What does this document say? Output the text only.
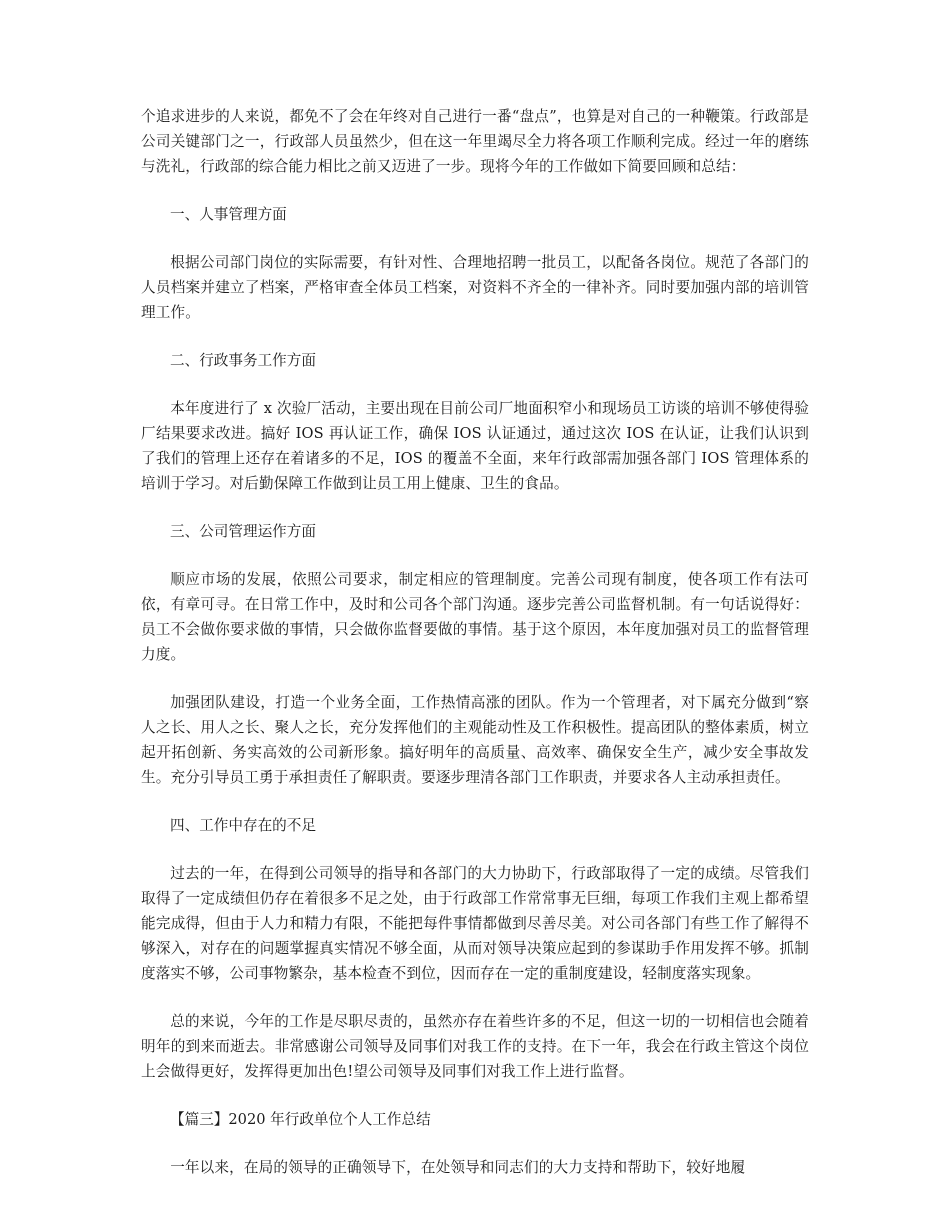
个追求进步的人来说，都免不了会在年终对自己进行一番“盘点”，也算是对自己的一种鞭策。行政部是公司关键部门之一，行政部人员虽然少，但在这一年里竭尽全力将各项工作顺利完成。经过一年的磨练与洗礼，行政部的综合能力相比之前又迈进了一步。现将今年的工作做如下简要回顾和总结：

一、人事管理方面

根据公司部门岗位的实际需要，有针对性、合理地招聘一批员工，以配备各岗位。规范了各部门的人员档案并建立了档案，严格审查全体员工档案，对资料不齐全的一律补齐。同时要加强内部的培训管理工作。

二、行政事务工作方面

本年度进行了 x 次验厂活动，主要出现在目前公司厂地面积窄小和现场员工访谈的培训不够使得验厂结果要求改进。搞好 IOS 再认证工作，确保 IOS 认证通过，通过这次 IOS 在认证，让我们认识到了我们的管理上还存在着诸多的不足，IOS 的覆盖不全面，来年行政部需加强各部门 IOS 管理体系的培训于学习。对后勤保障工作做到让员工用上健康、卫生的食品。

三、公司管理运作方面

顺应市场的发展，依照公司要求，制定相应的管理制度。完善公司现有制度，使各项工作有法可依，有章可寻。在日常工作中，及时和公司各个部门沟通。逐步完善公司监督机制。有一句话说得好：员工不会做你要求做的事情，只会做你监督要做的事情。基于这个原因，本年度加强对员工的监督管理力度。

加强团队建设，打造一个业务全面，工作热情高涨的团队。作为一个管理者，对下属充分做到“察人之长、用人之长、聚人之长，充分发挥他们的主观能动性及工作积极性。提高团队的整体素质，树立起开拓创新、务实高效的公司新形象。搞好明年的高质量、高效率、确保安全生产，减少安全事故发生。充分引导员工勇于承担责任了解职责。要逐步理清各部门工作职责，并要求各人主动承担责任。

四、工作中存在的不足

过去的一年，在得到公司领导的指导和各部门的大力协助下，行政部取得了一定的成绩。尽管我们取得了一定成绩但仍存在着很多不足之处，由于行政部工作常常事无巨细，每项工作我们主观上都希望能完成得，但由于人力和精力有限，不能把每件事情都做到尽善尽美。对公司各部门有些工作了解得不够深入，对存在的问题掌握真实情况不够全面，从而对领导决策应起到的参谋助手作用发挥不够。抓制度落实不够，公司事物繁杂，基本检查不到位，因而存在一定的重制度建设，轻制度落实现象。

总的来说，今年的工作是尽职尽责的，虽然亦存在着些许多的不足，但这一切的一切相信也会随着明年的到来而逝去。非常感谢公司领导及同事们对我工作的支持。在下一年，我会在行政主管这个岗位上会做得更好，发挥得更加出色!望公司领导及同事们对我工作上进行监督。

【篇三】2020 年行政单位个人工作总结

一年以来，在局的领导的正确领导下，在处领导和同志们的大力支持和帮助下，较好地履
